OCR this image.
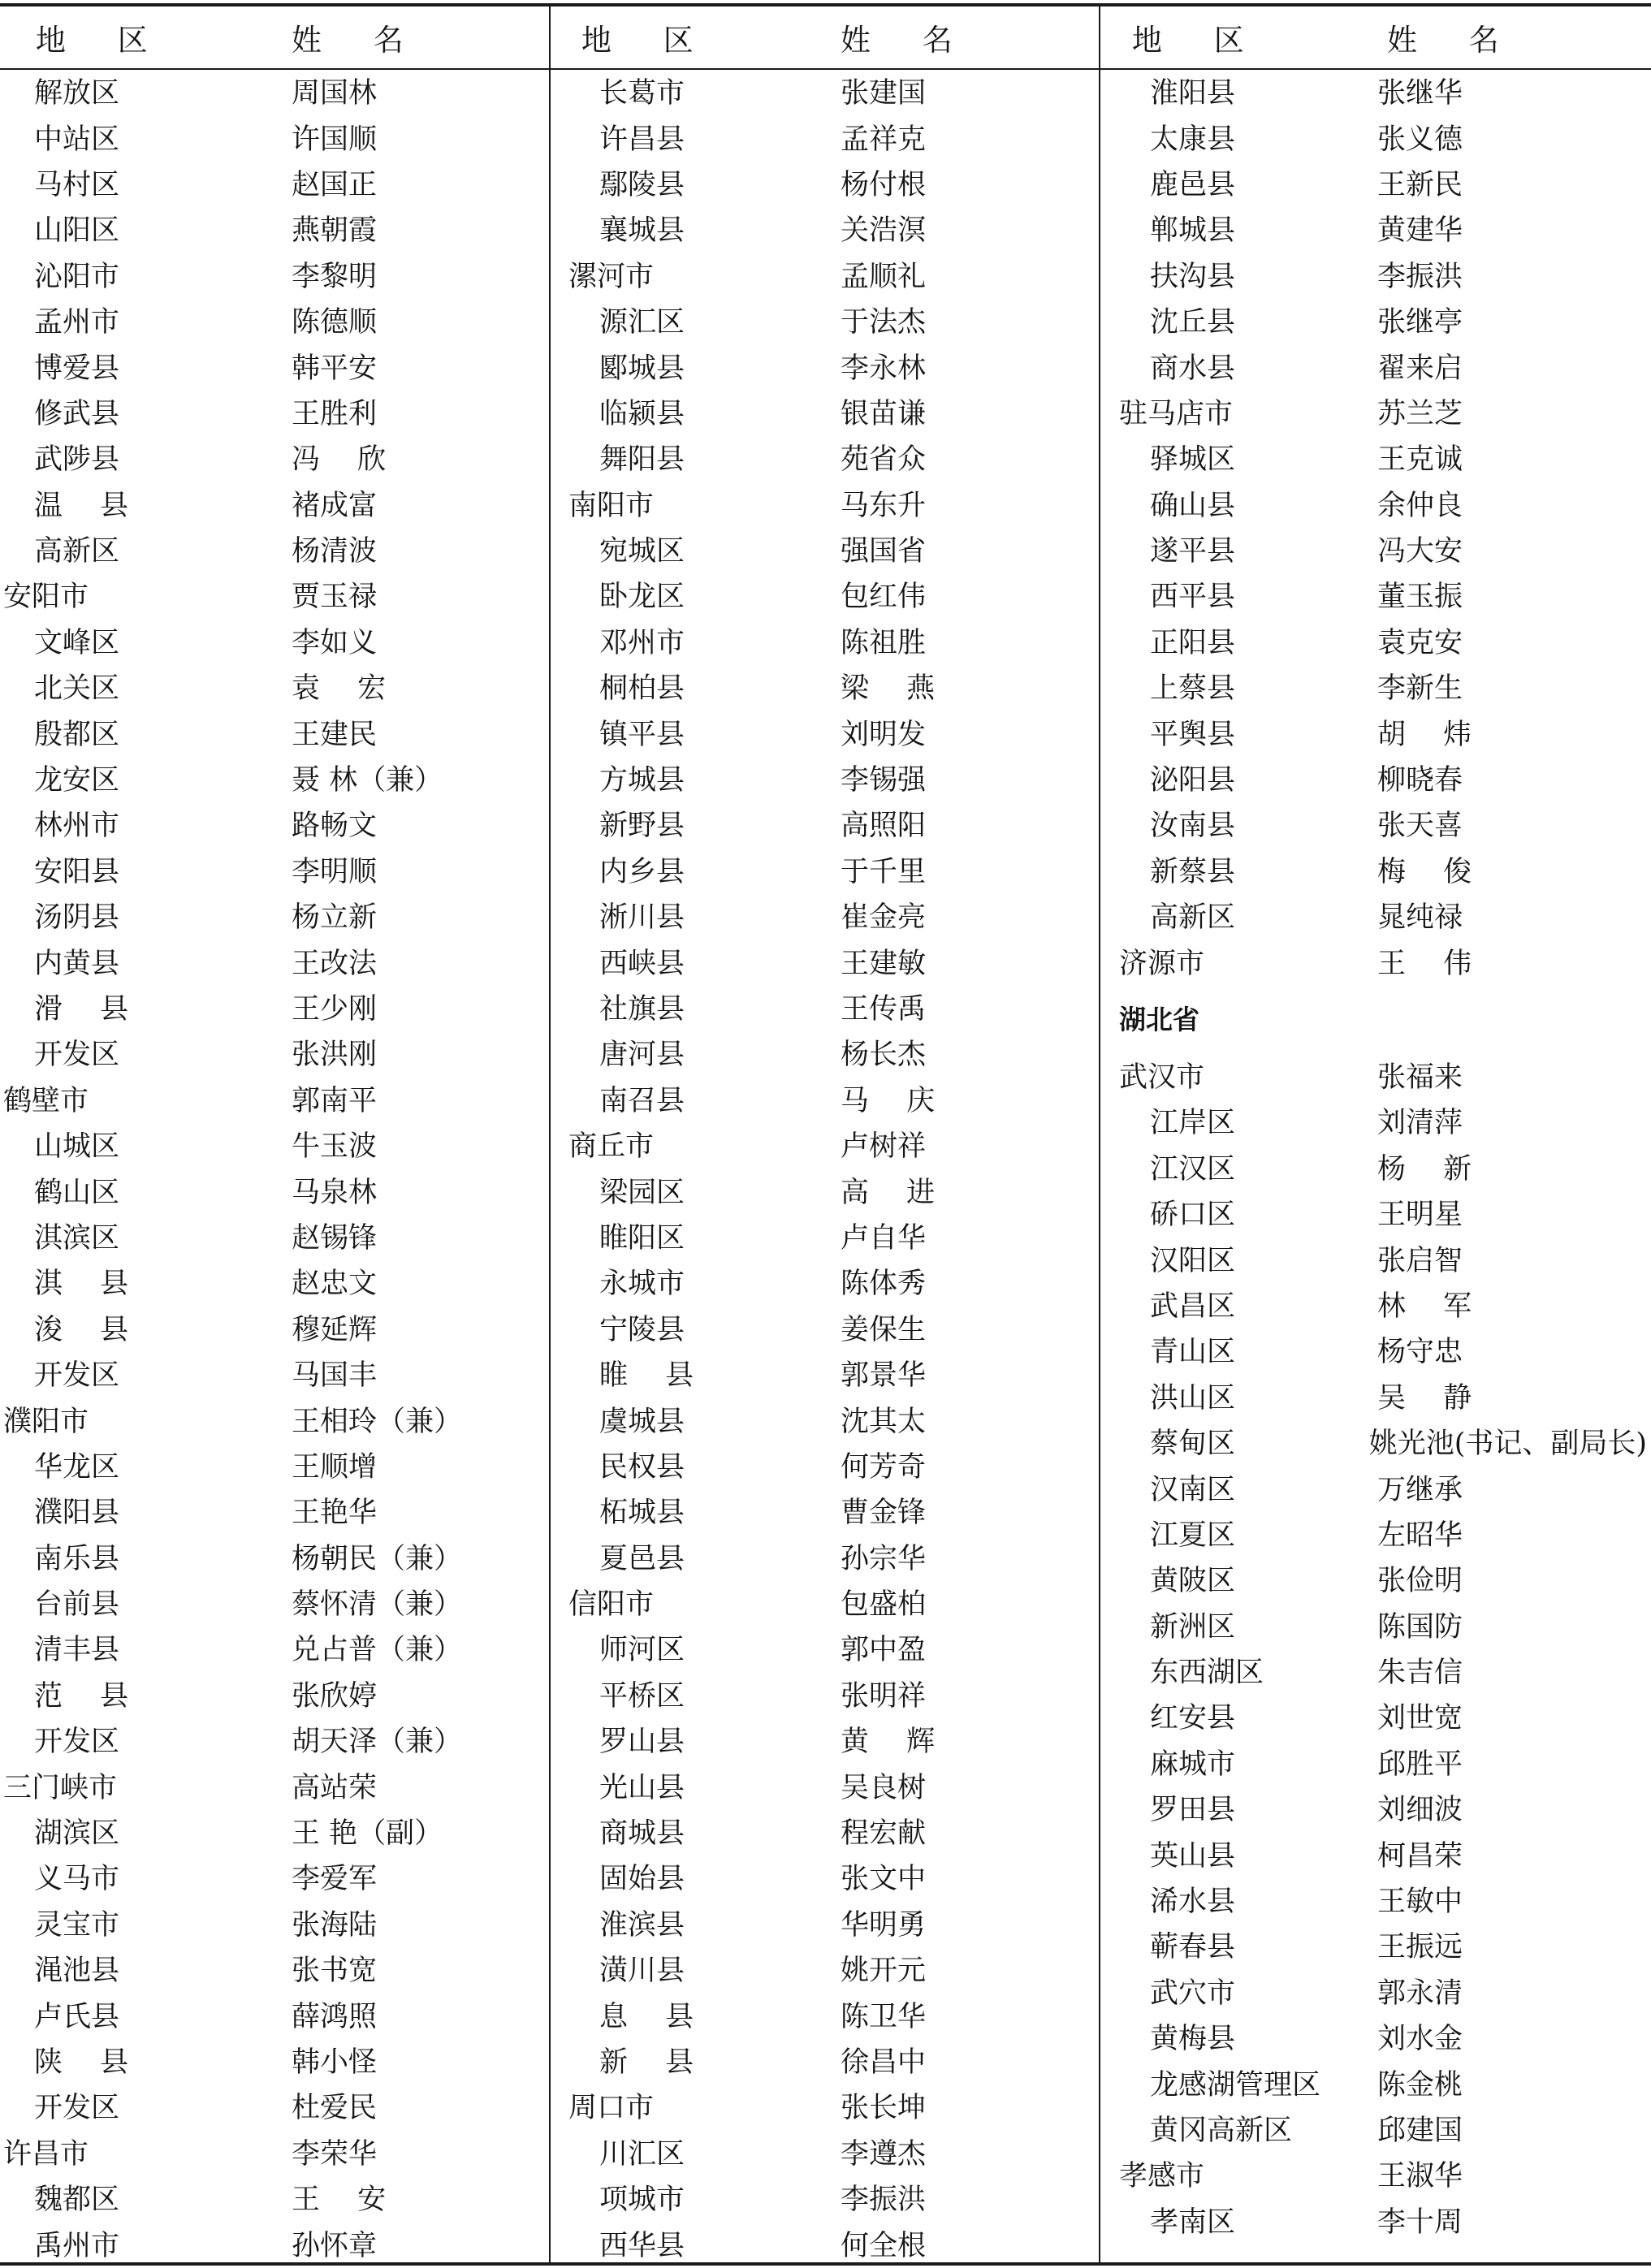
地 区	姓 名
解放区	周国林
中站区	许国顺
马村区	赵国正
山阳区	燕朝霞
沁阳市	李黎明
孟州市	陈德顺
博爱县	韩平安
修武县	王胜利
武陟县	冯 欣
温 县	褚成富
高新区	杨清波
安阳市	贾玉禄
文峰区	李如义
北关区	袁 宏
殷都区	王建民
龙安区	聂 林（兼）
林州市	路畅文
安阳县	李明顺
汤阴县	杨立新
内黄县	王改法
滑 县	王少刚
开发区	张洪刚
鹤壁市	郭南平
山城区	牛玉波
鹤山区	马泉林
淇滨区	赵锡锋
淇 县	赵忠文
浚 县	穆延辉
开发区	马国丰
濮阳市	王相玲（兼）
华龙区	王顺增
濮阳县	王艳华
南乐县	杨朝民（兼）
台前县	蔡怀清（兼）
清丰县	兑占普（兼）
范 县	张欣婷
开发区	胡天泽（兼）
三门峡市	高站荣
湖滨区	王 艳（副）
义马市	李爱军
灵宝市	张海陆
渑池县	张书宽
卢氏县	薛鸿照
陕 县	韩小怪
开发区	杜爱民
许昌市	李荣华
魏都区	王 安
禹州市	孙怀章
地 区	姓 名
长葛市	张建国
许昌县	孟祥克
鄢陵县	杨付根
襄城县	关浩溟
漯河市	孟顺礼
源汇区	于法杰
郾城县	李永林
临颍县	银苗谦
舞阳县	苑省众
南阳市	马东升
宛城区	强国省
卧龙区	包红伟
邓州市	陈祖胜
桐柏县	梁 燕
镇平县	刘明发
方城县	李锡强
新野县	高照阳
内乡县	于千里
淅川县	崔金亮
西峡县	王建敏
社旗县	王传禹
唐河县	杨长杰
南召县	马 庆
商丘市	卢树祥
梁园区	高 进
睢阳区	卢自华
永城市	陈体秀
宁陵县	姜保生
睢 县	郭景华
虞城县	沈其太
民权县	何芳奇
柘城县	曹金锋
夏邑县	孙宗华
信阳市	包盛柏
师河区	郭中盈
平桥区	张明祥
罗山县	黄 辉
光山县	吴良树
商城县	程宏献
固始县	张文中
淮滨县	华明勇
潢川县	姚开元
息 县	陈卫华
新 县	徐昌中
周口市	张长坤
川汇区	李遵杰
项城市	李振洪
西华县	何全根
地 区	姓 名
淮阳县	张继华
太康县	张义德
鹿邑县	王新民
郸城县	黄建华
扶沟县	李振洪
沈丘县	张继亭
商水县	翟来启
驻马店市	苏兰芝
驿城区	王克诚
确山县	余仲良
遂平县	冯大安
西平县	董玉振
正阳县	袁克安
上蔡县	李新生
平舆县	胡 炜
泌阳县	柳晓春
汝南县	张天喜
新蔡县	梅 俊
高新区	晁纯禄
济源市	王 伟
湖北省
武汉市	张福来
江岸区	刘清萍
江汉区	杨 新
硚口区	王明星
汉阳区	张启智
武昌区	林 军
青山区	杨守忠
洪山区	吴 静
蔡甸区	姚光池(书记、副局长)
汉南区	万继承
江夏区	左昭华
黄陂区	张俭明
新洲区	陈国防
东西湖区	朱吉信
红安县	刘世宽
麻城市	邱胜平
罗田县	刘细波
英山县	柯昌荣
浠水县	王敏中
蕲春县	王振远
武穴市	郭永清
黄梅县	刘水金
龙感湖管理区	陈金桃
黄冈高新区	邱建国
孝感市	王淑华
孝南区	李十周
